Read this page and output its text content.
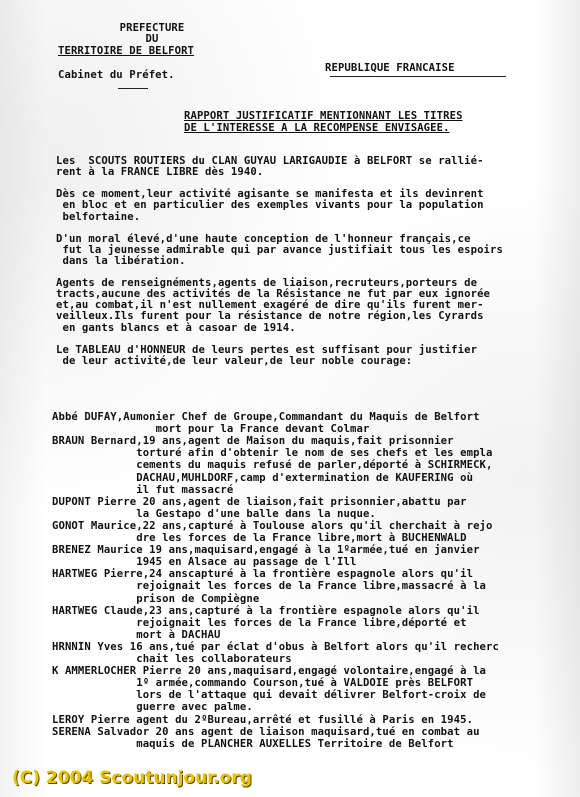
PREFECTURE
DU
TERRITOIRE DE BELFORT
Cabinet du Préfet.
REPUBLIQUE FRANCAISE
RAPPORT JUSTIFICATIF MENTIONNANT LES TITRES
DE L'INTERESSE A LA RECOMPENSE ENVISAGEE.
Les  SCOUTS ROUTIERS du CLAN GUYAU LARIGAUDIE à BELFORT se rallié-
rent à la FRANCE LIBRE dès 1940.
Dès ce moment,leur activité agisante se manifesta et ils devinrent
en bloc et en particulier des exemples vivants pour la population
belfortaine.
D'un moral élevé,d'une haute conception de l'honneur français,ce
fut la jeunesse admirable qui par avance justifiait tous les espoirs
dans la libération.
Agents de renseignéments,agents de liaison,recruteurs,porteurs de
tracts,aucune des activités de la Résistance ne fut par eux ignorée
et,au combat,il n'est nullement exagéré de dire qu'ils furent mer-
veilleux.Ils furent pour la résistance de notre région,les Cyrards
en gants blancs et à casoar de 1914.
Le TABLEAU d'HONNEUR de leurs pertes est suffisant pour justifier
de leur activité,de leur valeur,de leur noble courage:
Abbé DUFAY,Aumonier Chef de Groupe,Commandant du Maquis de Belfort
mort pour la France devant Colmar
BRAUN Bernard,19 ans,agent de Maison du maquis,fait prisonnier
torturé afin d'obtenir le nom de ses chefs et les empla
cements du maquis refusé de parler,déporté à SCHIRMECK,
DACHAU,MUHLDORF,camp d'extermination de KAUFERING où
il fut massacré
DUPONT Pierre 20 ans,agent de liaison,fait prisonnier,abattu par
la Gestapo d'une balle dans la nuque.
GONOT Maurice,22 ans,capturé à Toulouse alors qu'il cherchait à rejo
dre les forces de la France libre,mort à BUCHENWALD
BRENEZ Maurice 19 ans,maquisard,engagé à la 1ºarmée,tué en janvier
1945 en Alsace au passage de l'Ill
HARTWEG Pierre,24 anscapturé à la frontière espagnole alors qu'il
rejoignait les forces de la France libre,massacré à la
prison de Compiègne
HARTWEG Claude,23 ans,capturé à la frontière espagnole alors qu'il
rejoignait les forces de la France libre,déporté et
mort à DACHAU
HRNNIN Yves 16 ans,tué par éclat d'obus à Belfort alors qu'il recherc
chait les collaborateurs
K AMMERLOCHER Pierre 20 ans,maquisard,engagé volontaire,engagé à la
1º armée,commando Courson,tué à VALDOIE près BELFORT
lors de l'attaque qui devait délivrer Belfort-croix de
guerre avec palme.
LEROY Pierre agent du 2ºBureau,arrêté et fusillé à Paris en 1945.
SERENA Salvador 20 ans agent de liaison maquisard,tué en combat au
maquis de PLANCHER AUXELLES Territoire de Belfort
(C) 2004 Scoutunjour.org
